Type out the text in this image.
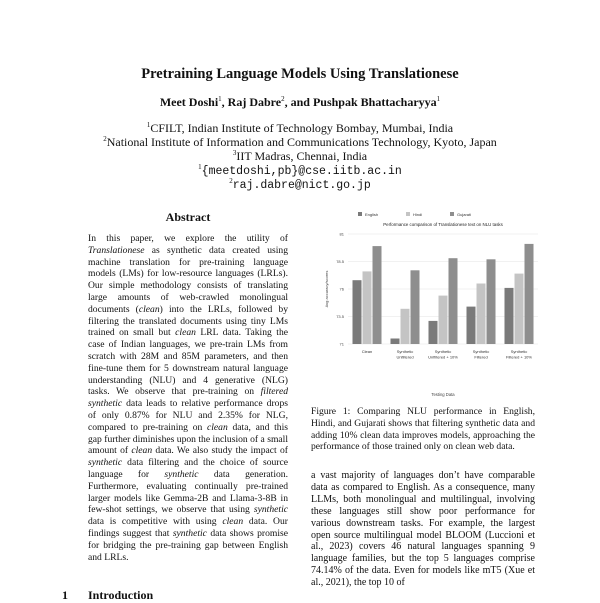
Pretraining Language Models Using Translationese
Meet Doshi$^1$, Raj Dabre$^2$, and Pushpak Bhattacharyya$^1$
$^1$CFILT, Indian Institute of Technology Bombay, Mumbai, India
$^2$National Institute of Information and Communications Technology, Kyoto, Japan
$^3$IIT Madras, Chennai, India
$^1${meetdoshi,pb}@cse.iitb.ac.in
$^2$raj.dabre@nict.go.jp
Abstract
In this paper, we explore the utility of Translationese as synthetic data created using machine translation for pre-training language models (LMs) for low-resource languages (LRLs). Our simple methodology consists of translating large amounts of web-crawled monolingual documents (clean) into the LRLs, followed by filtering the translated documents using tiny LMs trained on small but clean LRL data. Taking the case of Indian languages, we pre-train LMs from scratch with 28M and 85M parameters, and then fine-tune them for 5 downstream natural language understanding (NLU) and 4 generative (NLG) tasks. We observe that pre-training on filtered synthetic data leads to relative performance drops of only 0.87% for NLU and 2.35% for NLG, compared to pre-training on clean data, and this gap further diminishes upon the inclusion of a small amount of clean data. We also study the impact of synthetic data filtering and the choice of source language for synthetic data generation. Furthermore, evaluating continually pre-trained larger models like Gemma-2B and Llama-3-8B in few-shot settings, we observe that using synthetic data is competitive with using clean data. Our findings suggest that synthetic data shows promise for bridging the pre-training gap between English and LRLs.
1 Introduction
English	Hindi	Gujarati
Performance comparison of Translationese text on NLU tasks
71
73.5
76
78.5
81
Avg accuracy/scores
Clean	Synthetic
Unfiltered
Synthetic
Unfiltered + 10%
Synthetic
Filtered
Synthetic
Filtered + 10%
Testing Data
Figure 1: Comparing NLU performance in English, Hindi, and Gujarati shows that filtering synthetic data and adding 10% clean data improves models, approaching the performance of those trained only on clean web data.
a vast majority of languages don’t have comparable data as compared to English. As a consequence, many LLMs, both monolingual and multilingual, involving these languages still show poor performance for various downstream tasks. For example, the largest open source multilingual model BLOOM (Luccioni et al., 2023) covers 46 natural languages spanning 9 language families, but the top 5 languages comprise 74.14% of the data. Even for models like mT5 (Xue et al., 2021), the top 10 of
